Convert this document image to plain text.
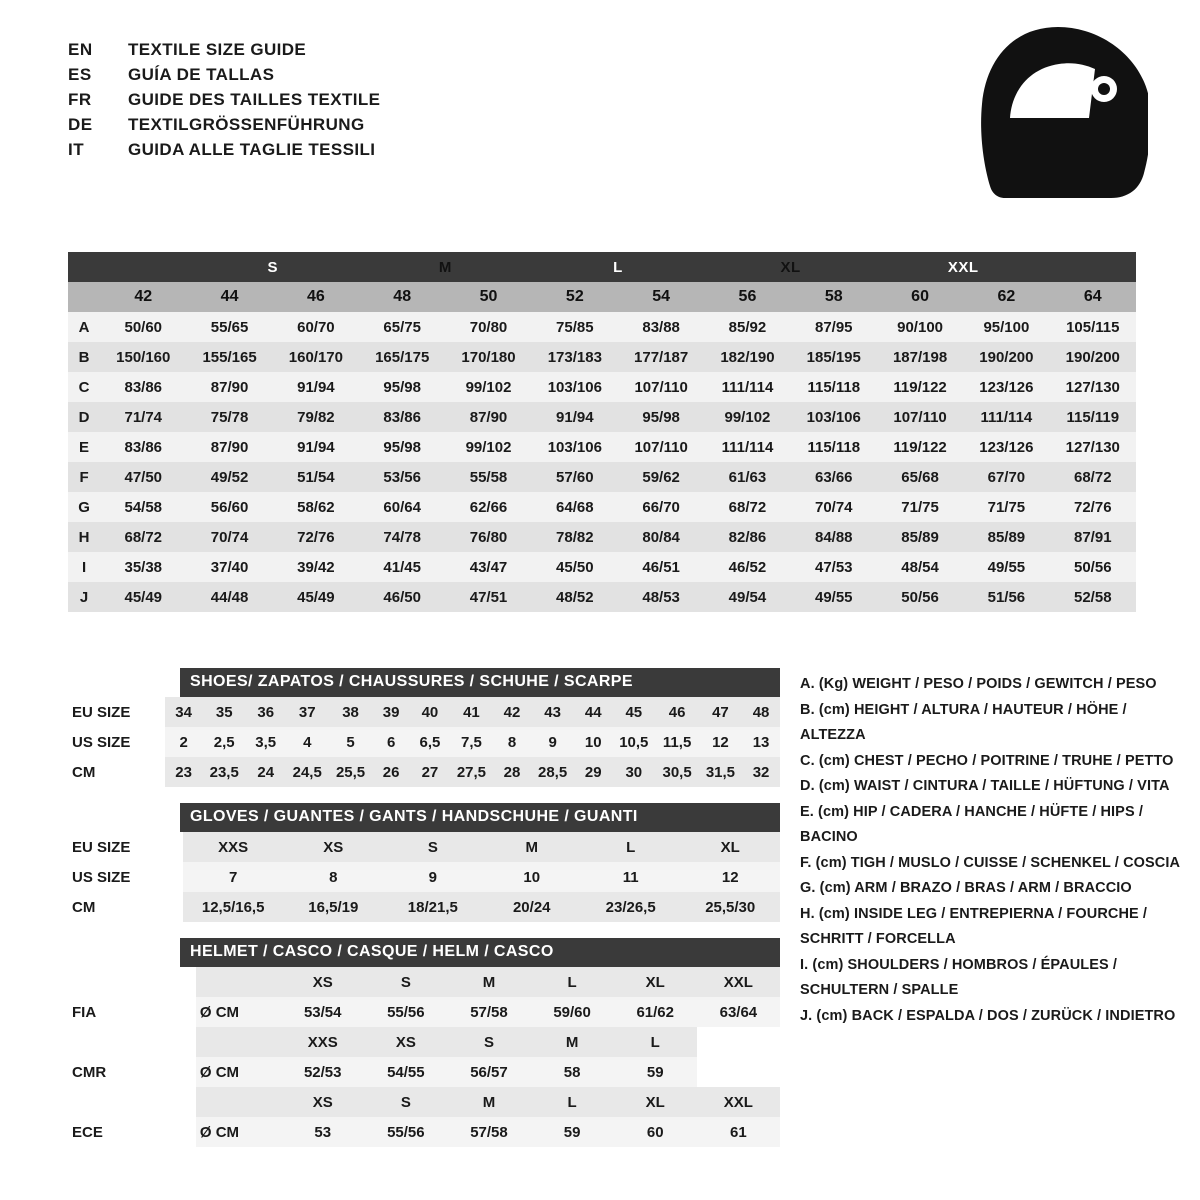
EN	TEXTILE SIZE GUIDE
ES	GUÍA DE TALLAS
FR	GUIDE DES TAILLES TEXTILE
DE	TEXTILGRÖSSENFÜHRUNG
IT	GUIDA ALLE TAGLIE TESSILI
		S		M		L		XL		XXL		
	42	44	46	48	50	52	54	56	58	60	62	64
A	50/60	55/65	60/70	65/75	70/80	75/85	83/88	85/92	87/95	90/100	95/100	105/115
B	150/160	155/165	160/170	165/175	170/180	173/183	177/187	182/190	185/195	187/198	190/200	190/200
C	83/86	87/90	91/94	95/98	99/102	103/106	107/110	111/114	115/118	119/122	123/126	127/130
D	71/74	75/78	79/82	83/86	87/90	91/94	95/98	99/102	103/106	107/110	111/114	115/119
E	83/86	87/90	91/94	95/98	99/102	103/106	107/110	111/114	115/118	119/122	123/126	127/130
F	47/50	49/52	51/54	53/56	55/58	57/60	59/62	61/63	63/66	65/68	67/70	68/72
G	54/58	56/60	58/62	60/64	62/66	64/68	66/70	68/72	70/74	71/75	71/75	72/76
H	68/72	70/74	72/76	74/78	76/80	78/82	80/84	82/86	84/88	85/89	85/89	87/91
I	35/38	37/40	39/42	41/45	43/47	45/50	46/51	46/52	47/53	48/54	49/55	50/56
J	45/49	44/48	45/49	46/50	47/51	48/52	48/53	49/54	49/55	50/56	51/56	52/58
SHOES/ ZAPATOS / CHAUSSURES / SCHUHE / SCARPE
EU SIZE	34	35	36	37	38	39	40	41	42	43	44	45	46	47	48
US SIZE	2	2,5	3,5	4	5	6	6,5	7,5	8	9	10	10,5	11,5	12	13
CM	23	23,5	24	24,5	25,5	26	27	27,5	28	28,5	29	30	30,5	31,5	32
GLOVES / GUANTES / GANTS / HANDSCHUHE / GUANTI
EU SIZE	XXS	XS	S	M	L	XL
US SIZE	7	8	9	10	11	12
CM	12,5/16,5	16,5/19	18/21,5	20/24	23/26,5	25,5/30
HELMET / CASCO / CASQUE / HELM / CASCO
		XS	S	M	L	XL	XXL
FIA	Ø CM	53/54	55/56	57/58	59/60	61/62	63/64
		XXS	XS	S	M	L	
CMR	Ø CM	52/53	54/55	56/57	58	59	
		XS	S	M	L	XL	XXL
ECE	Ø CM	53	55/56	57/58	59	60	61
A. (Kg) WEIGHT / PESO / POIDS / GEWITCH / PESO
B. (cm) HEIGHT / ALTURA / HAUTEUR / HÖHE / ALTEZZA
C. (cm) CHEST / PECHO / POITRINE / TRUHE / PETTO
D. (cm) WAIST / CINTURA / TAILLE / HÜFTUNG / VITA
E. (cm) HIP / CADERA / HANCHE / HÜFTE / HIPS / BACINO
F. (cm) TIGH / MUSLO / CUISSE / SCHENKEL / COSCIA
G. (cm) ARM / BRAZO / BRAS / ARM / BRACCIO
H. (cm) INSIDE LEG / ENTREPIERNA / FOURCHE /
SCHRITT / FORCELLA
I. (cm) SHOULDERS / HOMBROS / ÉPAULES /
SCHULTERN / SPALLE
J. (cm) BACK / ESPALDA / DOS / ZURÜCK / INDIETRO
